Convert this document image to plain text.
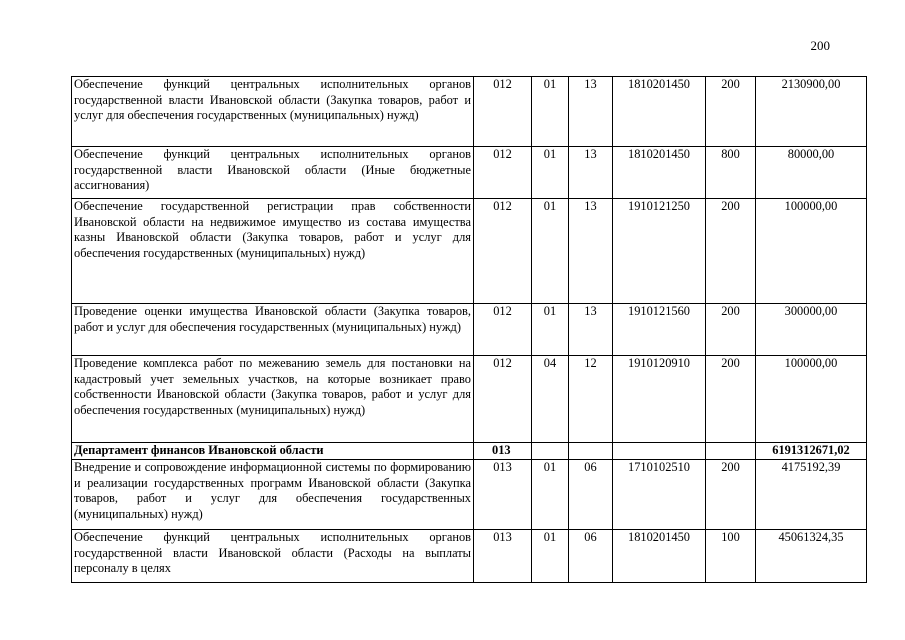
200
Обеспечение функций центральных исполнительных органов государственной власти Ивановской области (Закупка товаров, работ и услуг для обеспечения государственных (муниципальных) нужд)	012	01	13	1810201450	200	2130900,00
Обеспечение функций центральных исполнительных органов государственной власти Ивановской области (Иные бюджетные ассигнования)	012	01	13	1810201450	800	80000,00
Обеспечение государственной регистрации прав собственности Ивановской области на недвижимое имущество из состава имущества казны Ивановской области (Закупка товаров, работ и услуг для обеспечения государственных (муниципальных) нужд)	012	01	13	1910121250	200	100000,00
Проведение оценки имущества Ивановской области (Закупка товаров, работ и услуг для обеспечения государственных (муниципальных) нужд)	012	01	13	1910121560	200	300000,00
Проведение комплекса работ по межеванию земель для постановки на кадастровый учет земельных участков, на которые возникает право собственности Ивановской области (Закупка товаров, работ и услуг для обеспечения государственных (муниципальных) нужд)	012	04	12	1910120910	200	100000,00
Департамент финансов Ивановской области	013					6191312671,02
Внедрение и сопровождение информационной системы по формированию и реализации государственных программ Ивановской области (Закупка товаров, работ и услуг для обеспечения государственных (муниципальных) нужд)	013	01	06	1710102510	200	4175192,39
Обеспечение функций центральных исполнительных органов государственной власти Ивановской области (Расходы на выплаты персоналу в целях	013	01	06	1810201450	100	45061324,35
